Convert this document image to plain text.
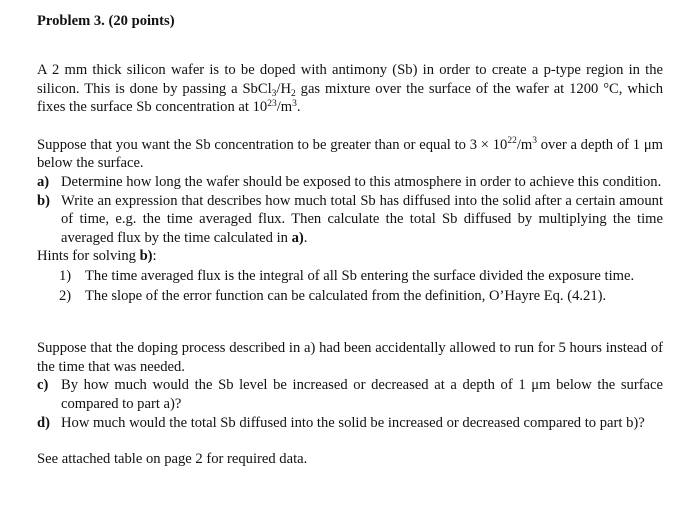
Problem 3. (20 points)

A 2 mm thick silicon wafer is to be doped with antimony (Sb) in order to create a p-type region in the silicon. This is done by passing a $SbCl_3/H_2$ gas mixture over the surface of the wafer at 1200 °C, which fixes the surface Sb concentration at $10^{23}/m^3$.

Suppose that you want the Sb concentration to be greater than or equal to $3 \times 10^{22}/m^3$ over a depth of 1 μm below the surface.

a) Determine how long the wafer should be exposed to this atmosphere in order to achieve this condition.
b) Write an expression that describes how much total Sb has diffused into the solid after a certain amount of time, e.g. the time averaged flux. Then calculate the total Sb diffused by multiplying the time averaged flux by the time calculated in a).

Hints for solving b):

1) The time averaged flux is the integral of all Sb entering the surface divided the exposure time.
2) The slope of the error function can be calculated from the definition, O’Hayre Eq. (4.21).

Suppose that the doping process described in a) had been accidentally allowed to run for 5 hours instead of the time that was needed.

c) By how much would the Sb level be increased or decreased at a depth of 1 μm below the surface compared to part a)?
d) How much would the total Sb diffused into the solid be increased or decreased compared to part b)?

See attached table on page 2 for required data.
